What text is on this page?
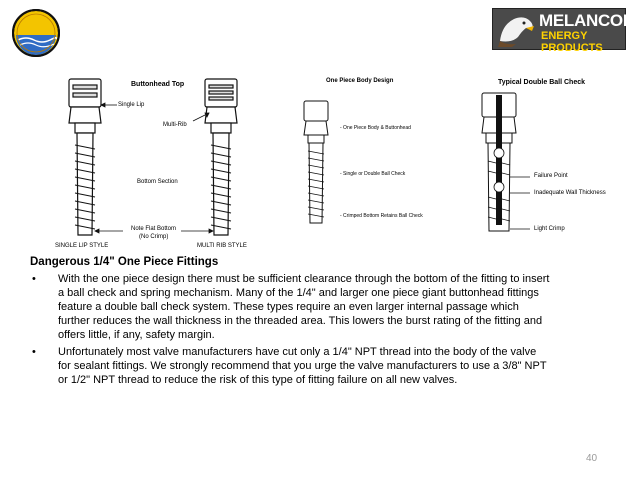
MELANCON
ENERGY PRODUCTS
Buttonhead Top
Single Lip
Multi-Rib
Bottom Section
Note Flat Bottom
(No Crimp)
SINGLE LIP STYLE	MULTI RIB STYLE
One Piece Body Design
- One Piece Body & Buttonhead
- Single or Double Ball Check
- Crimped Bottom Retains Ball Check
Typical Double Ball Check
Failure Point
Inadequate Wall Thickness
Light Crimp
Dangerous 1/4" One Piece Fittings
• With the one piece design there must be sufficient clearance through the bottom of the fitting to insert
a ball check and spring mechanism. Many of the 1/4" and larger one piece giant buttonhead fittings
feature a double ball check system. These types require an even larger internal passage which
further reduces the wall thickness in the threaded area. This lowers the burst rating of the fitting and
offers little, if any, safety margin.
• Unfortunately most valve manufacturers have cut only a 1/4" NPT thread into the body of the valve
for sealant fittings. We strongly recommend that you urge the valve manufacturers to use a 3/8" NPT
or 1/2" NPT thread to reduce the risk of this type of fitting failure on all new valves.
40
